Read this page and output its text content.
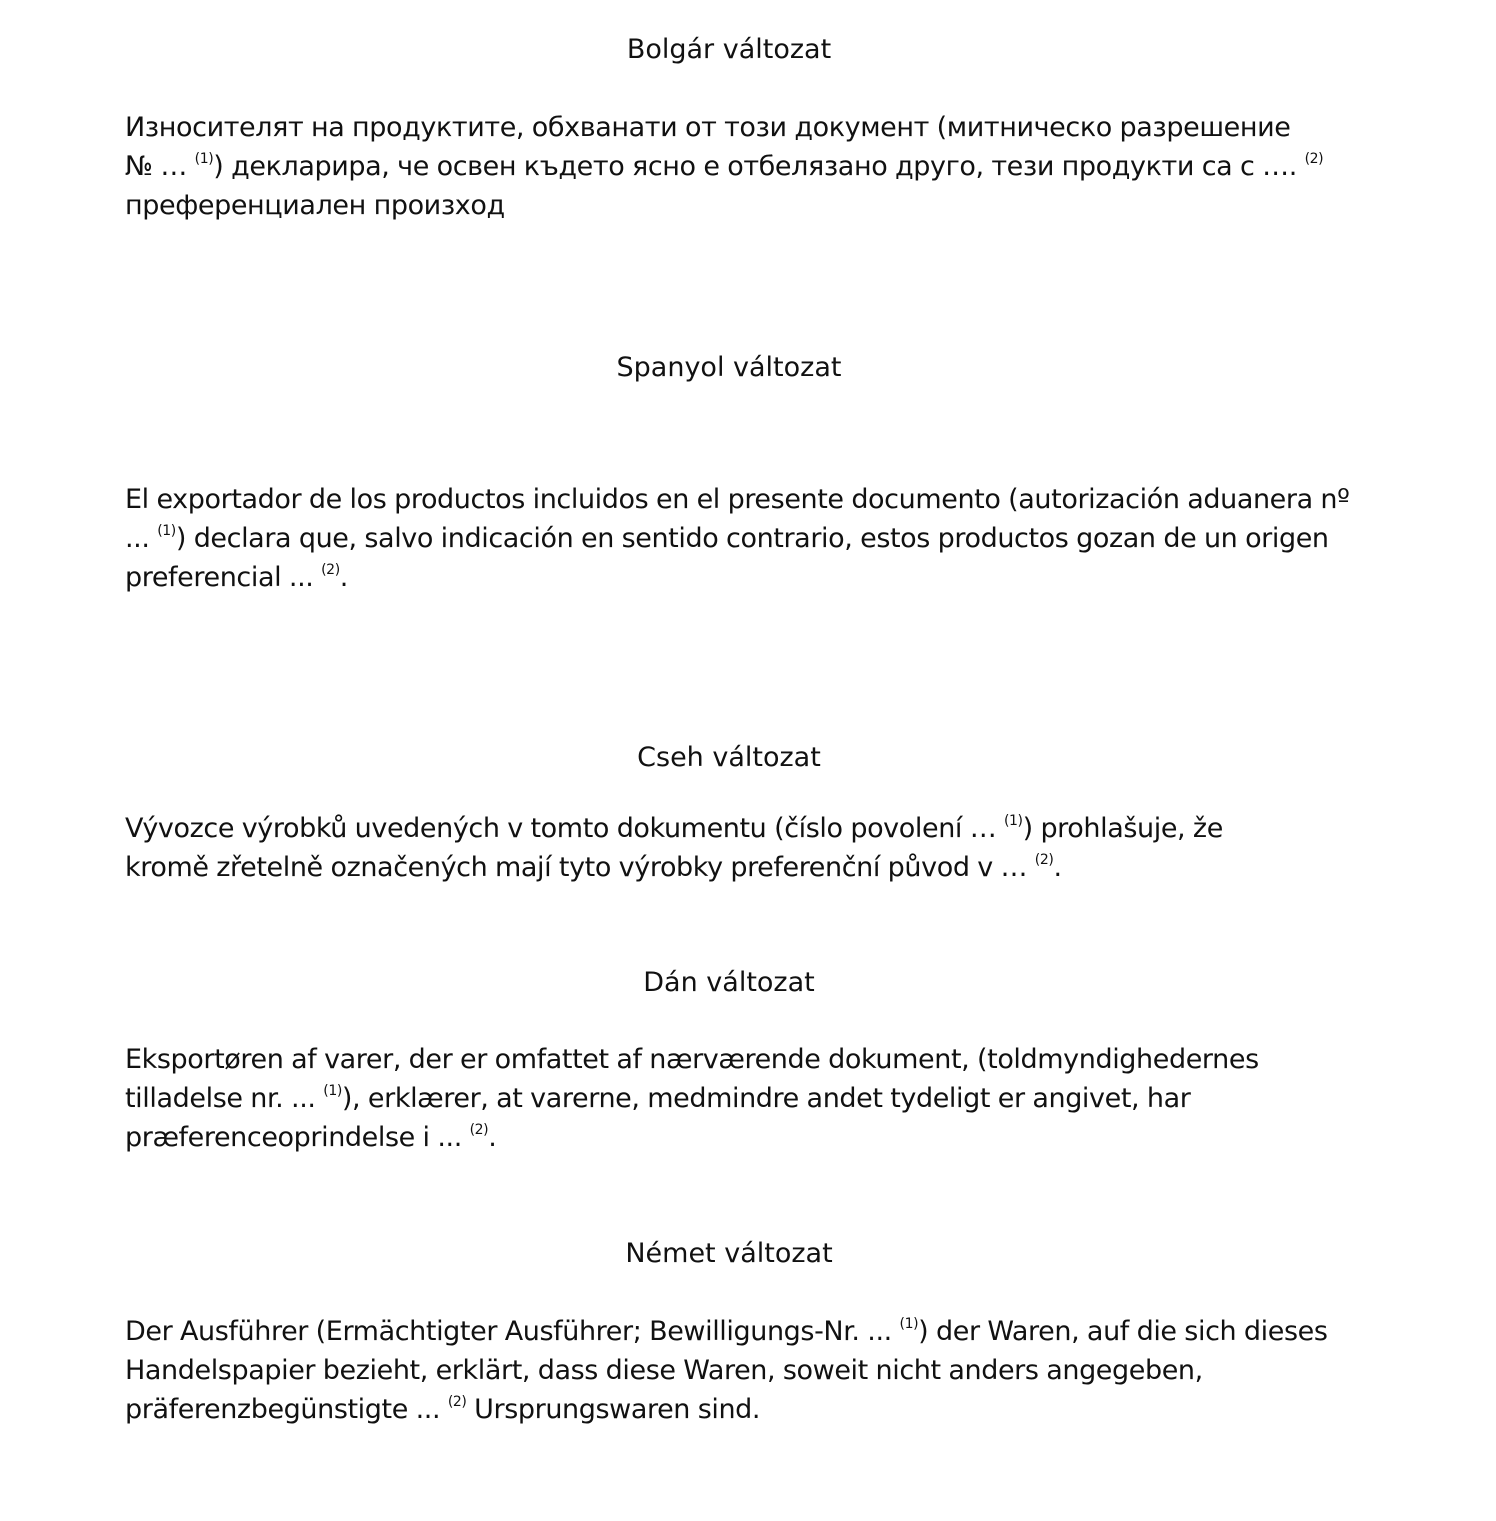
Bolgár változat

Износителят на продуктите, обхванати от този документ (митническо разрешение № … $^{(1)}$) декларира, че освен където ясно е отбелязано друго, тези продукти са с …. $^{(2)}$ преференциален произход

Spanyol változat

El exportador de los productos incluidos en el presente documento (autorización aduanera nº ... $^{(1)}$) declara que, salvo indicación en sentido contrario, estos productos gozan de un origen preferencial ... $^{(2)}$.

Cseh változat

Vývozce výrobků uvedených v tomto dokumentu (číslo povolení … $^{(1)}$) prohlašuje, že kromě zřetelně označených mají tyto výrobky preferenční původ v … $^{(2)}$.

Dán változat

Eksportøren af varer, der er omfattet af nærværende dokument, (toldmyndighedernes tilladelse nr. ... $^{(1)}$), erklærer, at varerne, medmindre andet tydeligt er angivet, har præferenceoprindelse i ... $^{(2)}$.

Német változat

Der Ausführer (Ermächtigter Ausführer; Bewilligungs-Nr. ... $^{(1)}$) der Waren, auf die sich dieses Handelspapier bezieht, erklärt, dass diese Waren, soweit nicht anders angegeben, präferenzbegünstigte ... $^{(2)}$ Ursprungswaren sind.
